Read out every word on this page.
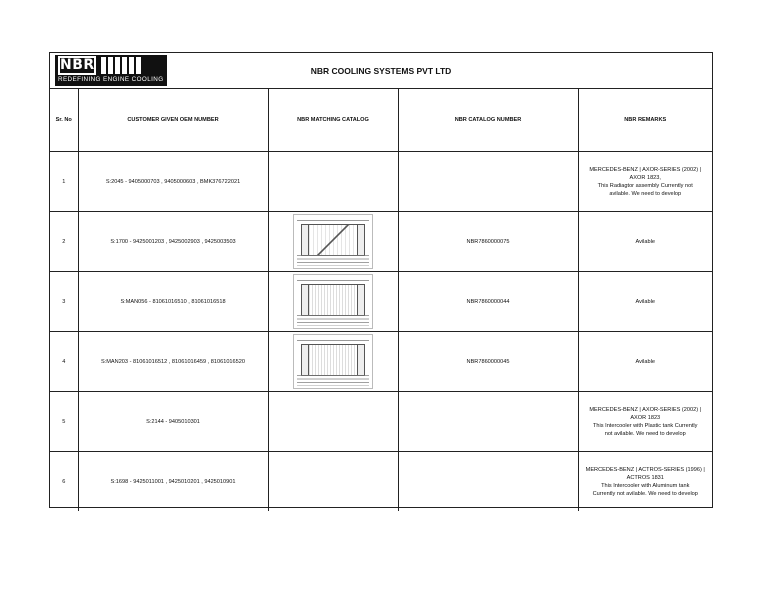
NBR
REDEFINING ENGINE COOLING
NBR COOLING SYSTEMS PVT LTD
Sr. No	CUSTOMER GIVEN OEM NUMBER	NBR MATCHING CATALOG	NBR CATALOG NUMBER	NBR REMARKS
1	S:2045 - 9405000703 , 9405000603 , BMK376722021			MERCEDES-BENZ | AXOR-SERIES (2002) |
AXOR 1823,
This Radiagtor assembly Currently not
avilable. We need to develop

2	S:1700 - 9425001203 , 9425002903 , 9425003503		NBR7860000075	Avilable

3	S:MAN056 - 81061016510 , 81061016518		NBR7860000044	Avilable

4	S:MAN203 - 81061016512 , 81061016459 , 81061016520		NBR7860000045	Avilable

5	S:2144 - 9405010301			MERCEDES-BENZ | AXOR-SERIES (2002) |
AXOR 1823
This Intercooler with Plastic tank Currently
not avilable. We need to develop

6	S:1698 - 9425011001 , 9425010201 , 9425010901			MERCEDES-BENZ | ACTROS-SERIES (1996) |
ACTROS 1831
This Intercooler with Aluminum tank
Currently not avilable. We need to develop
